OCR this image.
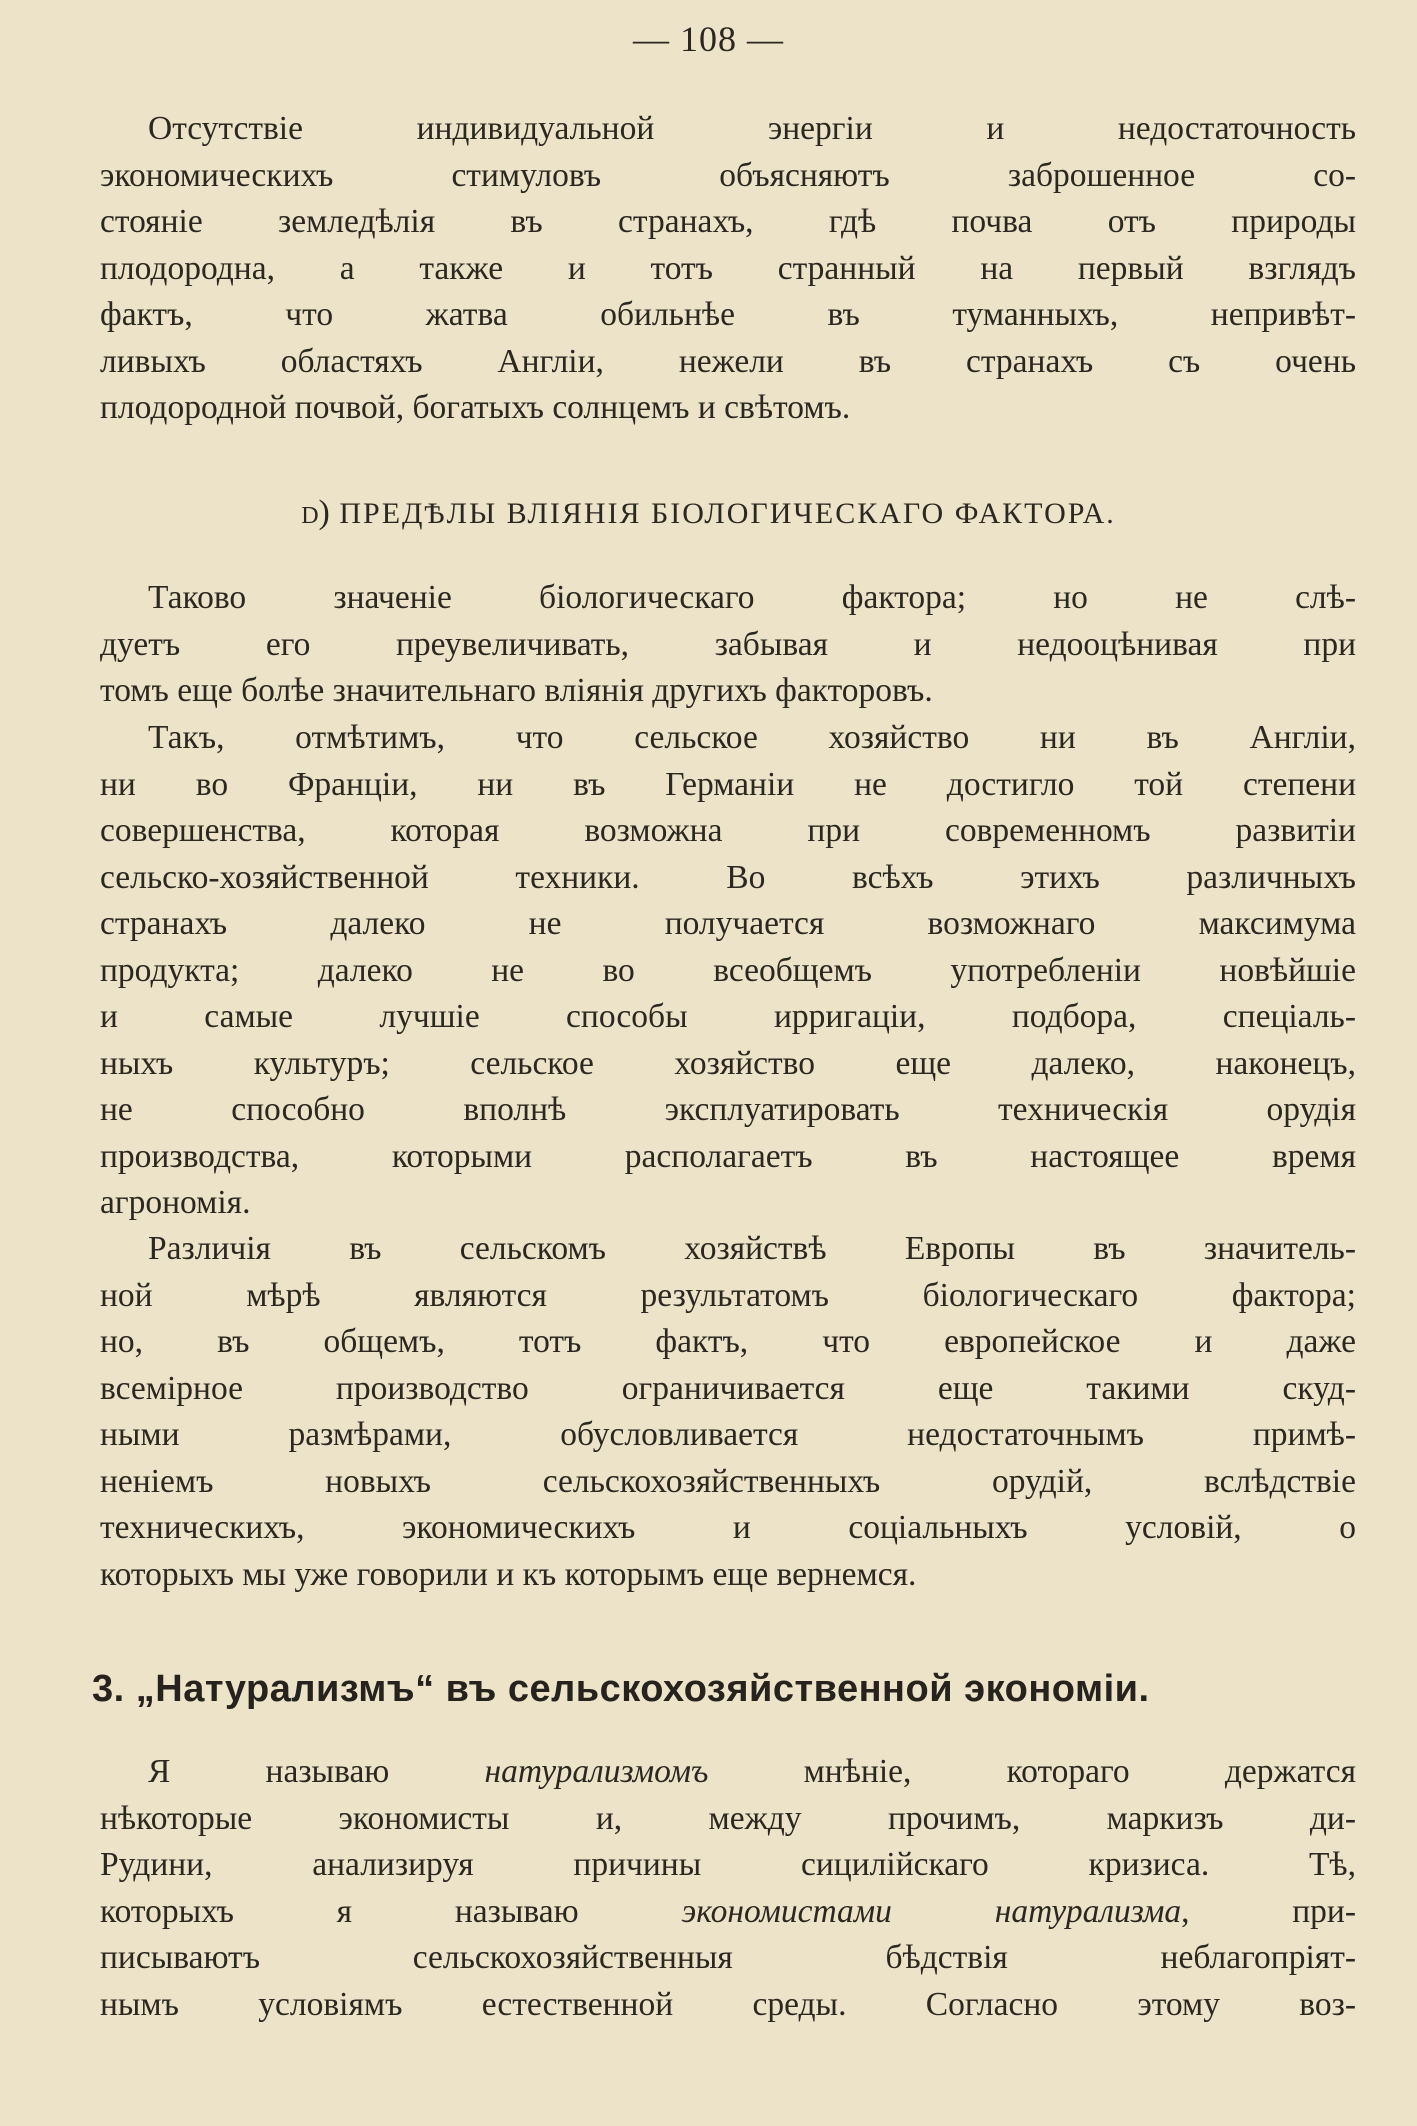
— 108 —

Отсутствіе индивидуальной энергіи и недостаточность

экономическихъ стимуловъ объясняютъ заброшенное со-

стояніе земледѣлія въ странахъ, гдѣ почва отъ природы

плодородна, а также и тотъ странный на первый взглядъ

фактъ, что жатва обильнѣе въ туманныхъ, непривѣт-

ливыхъ областяхъ Англіи, нежели въ странахъ съ очень

плодородной почвой, богатыхъ солнцемъ и свѣтомъ.

d) ПРЕДѢЛЫ ВЛІЯНІЯ БІОЛОГИЧЕСКАГО ФАКТОРА.

Таково значеніе біологическаго фактора; но не слѣ-

дуетъ его преувеличивать, забывая и недооцѣнивая при

томъ еще болѣе значительнаго вліянія другихъ факторовъ.

Такъ, отмѣтимъ, что сельское хозяйство ни въ Англіи,

ни во Франціи, ни въ Германіи не достигло той степени

совершенства, которая возможна при современномъ развитіи

сельско-хозяйственной техники. Во всѣхъ этихъ различныхъ

странахъ далеко не получается возможнаго максимума

продукта; далеко не во всеобщемъ употребленіи новѣйшіе

и самые лучшіе способы ирригаціи, подбора, спеціаль-

ныхъ культуръ; сельское хозяйство еще далеко, наконецъ,

не способно вполнѣ эксплуатировать техническія орудія

производства, которыми располагаетъ въ настоящее время

агрономія.

Различія въ сельскомъ хозяйствѣ Европы въ значитель-

ной мѣрѣ являются результатомъ біологическаго фактора;

но, въ общемъ, тотъ фактъ, что европейское и даже

всемірное производство ограничивается еще такими скуд-

ными размѣрами, обусловливается недостаточнымъ примѣ-

неніемъ новыхъ сельскохозяйственныхъ орудій, вслѣдствіе

техническихъ, экономическихъ и соціальныхъ условій, о

которыхъ мы уже говорили и къ которымъ еще вернемся.

3. „Натурализмъ“ въ сельскохозяйственной экономіи.

Я называю натурализмомъ мнѣніе, котораго держатся

нѣкоторые экономисты и, между прочимъ, маркизъ ди-

Рудини, анализируя причины сицилійскаго кризиса. Тѣ,

которыхъ я называю экономистами натурализма, при-

писываютъ сельскохозяйственныя бѣдствія неблагопріят-

нымъ условіямъ естественной среды. Согласно этому воз-
